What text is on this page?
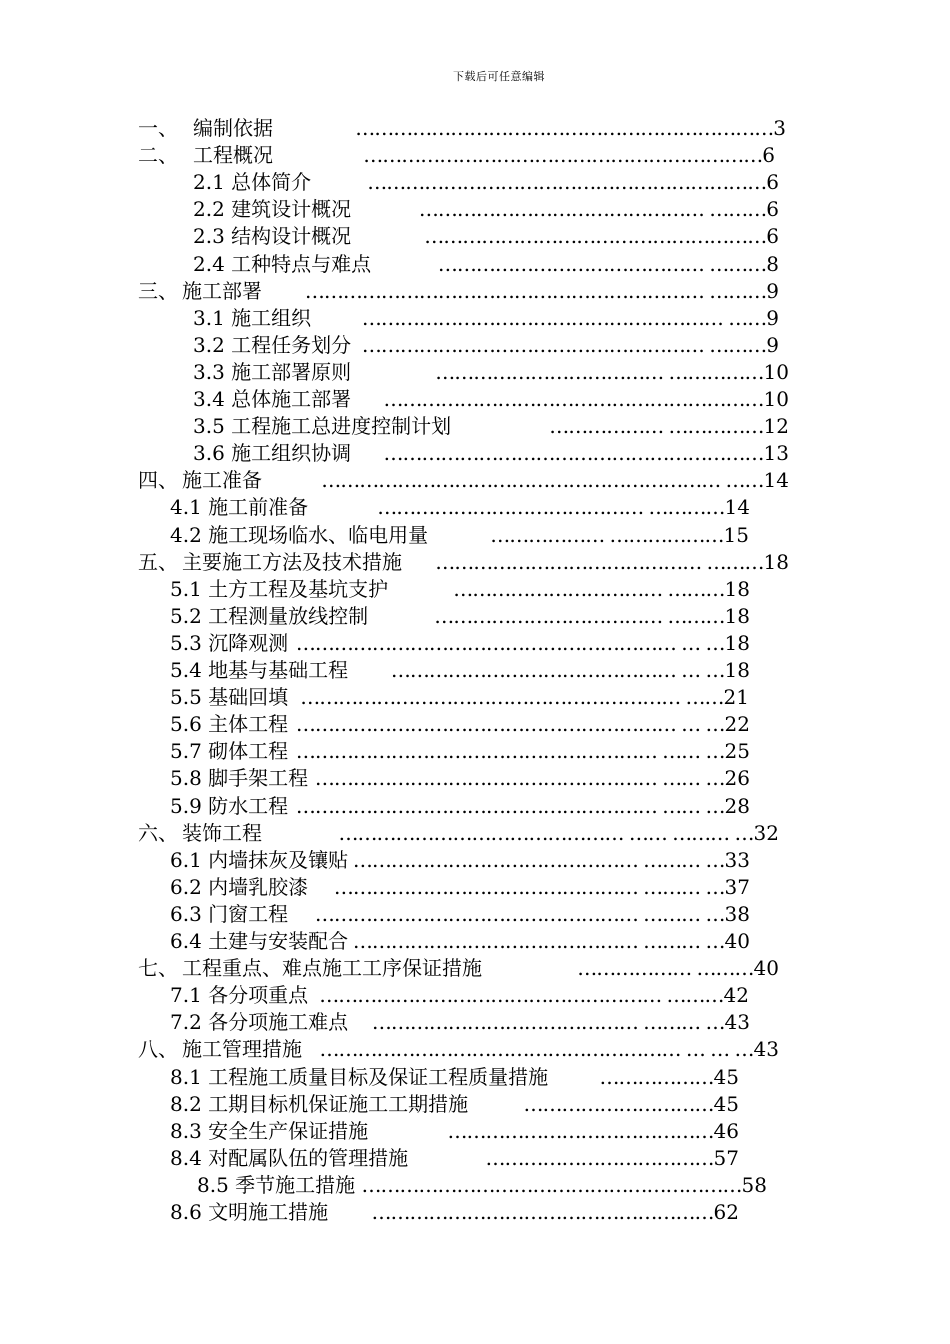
下载后可任意编辑
一、 编制依据	3
…………………………………………………………
二、 工程概况	6
………………………………………………………
2.1 总体简介	6
………………………………………………………
2.2 建筑设计概况	6
……………………………………… ………
2.3 结构设计概况	6
………………………………………………
2.4 工种特点与难点	8
…………………………………… ………
三、 施工部署	9
……………………………………………………… ………
3.1 施工组织	9
………………………………………………… ……
3.2 工程任务划分	9
……………………………………………… ………
3.3 施工部署原则	10
……………………………… ……………
3.4 总体施工部署	10
……………………………………………………
3.5 工程施工总进度控制计划	12
……………… ……………
3.6 施工组织协调	13
……………………………………………………
四、 施工准备	14
……………………………………………………… ……
4.1 施工前准备	14
…………………………………… …………
4.2 施工现场临水、临电用量	15
……………… ………………
五、 主要施工方法及技术措施	18
…………………………………… ………
5.1 土方工程及基坑支护	18
…………………………… ………
5.2 工程测量放线控制	18
……………………………… ………
5.3 沉降观测	18
…………………………………………………… … …
5.4 地基与基础工程	18
……………………………………… … …
5.5 基础回填	21
…………………………………………………… ……
5.6 主体工程	22
…………………………………………………… … …
5.7 砌体工程	25
………………………………………………… …… …
5.8 脚手架工程	26
……………………………………………… …… …
5.9 防水工程	28
………………………………………………… …… …
六、 装饰工程	32
……………………………………… …… ……… …
6.1 内墙抹灰及镶贴	33
……………………………………… ……… …
6.2 内墙乳胶漆	37
………………………………………… ……… …
6.3 门窗工程	38
…………………………………………… ……… …
6.4 土建与安装配合	40
……………………………………… ……… …
七、 工程重点、难点施工工序保证措施	40
……………… ………
7.1 各分项重点	42
……………………………………………… ………
7.2 各分项施工难点	43
…………………………………… ……… …
八、 施工管理措施	43
………………………………………………… … … …
8.1 工程施工质量目标及保证工程质量措施	45
………………
8.2 工期目标机保证施工工期措施	45
…………………………
8.3 安全生产保证措施	46
……………………………………
8.4 对配属队伍的管理措施	57
………………………………
8.5 季节施工措施	58
……………………………………………………
8.6 文明施工措施	62
………………………………………………
